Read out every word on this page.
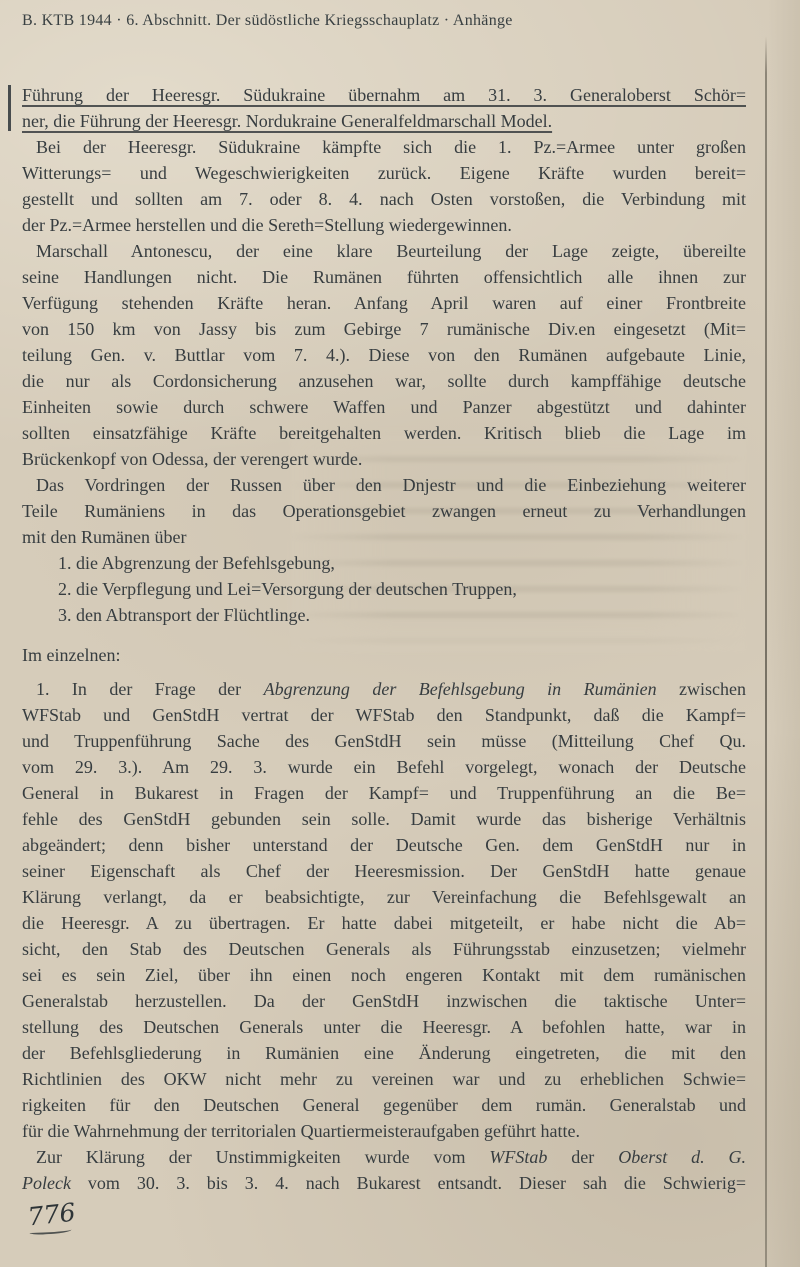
B. KTB 1944 · 6. Abschnitt. Der südöstliche Kriegsschauplatz · Anhänge
Führung der Heeresgr. Südukraine übernahm am 31. 3. Generaloberst Schör=
ner, die Führung der Heeresgr. Nordukraine Generalfeldmarschall Model.
Bei der Heeresgr. Südukraine kämpfte sich die 1. Pz.=Armee unter großen
Witterungs= und Wegeschwierigkeiten zurück. Eigene Kräfte wurden bereit=
gestellt und sollten am 7. oder 8. 4. nach Osten vorstoßen, die Verbindung mit
der Pz.=Armee herstellen und die Sereth=Stellung wiedergewinnen.
Marschall Antonescu, der eine klare Beurteilung der Lage zeigte, übereilte
seine Handlungen nicht. Die Rumänen führten offensichtlich alle ihnen zur
Verfügung stehenden Kräfte heran. Anfang April waren auf einer Frontbreite
von 150 km von Jassy bis zum Gebirge 7 rumänische Div.en eingesetzt (Mit=
teilung Gen. v. Buttlar vom 7. 4.). Diese von den Rumänen aufgebaute Linie,
die nur als Cordonsicherung anzusehen war, sollte durch kampffähige deutsche
Einheiten sowie durch schwere Waffen und Panzer abgestützt und dahinter
sollten einsatzfähige Kräfte bereitgehalten werden. Kritisch blieb die Lage im
Brückenkopf von Odessa, der verengert wurde.
Das Vordringen der Russen über den Dnjestr und die Einbeziehung weiterer
Teile Rumäniens in das Operationsgebiet zwangen erneut zu Verhandlungen
mit den Rumänen über
1. die Abgrenzung der Befehlsgebung,
2. die Verpflegung und Lei=Versorgung der deutschen Truppen,
3. den Abtransport der Flüchtlinge.
Im einzelnen:
1. In der Frage der Abgrenzung der Befehlsgebung in Rumänien zwischen
WFStab und GenStdH vertrat der WFStab den Standpunkt, daß die Kampf=
und Truppenführung Sache des GenStdH sein müsse (Mitteilung Chef Qu.
vom 29. 3.). Am 29. 3. wurde ein Befehl vorgelegt, wonach der Deutsche
General in Bukarest in Fragen der Kampf= und Truppenführung an die Be=
fehle des GenStdH gebunden sein solle. Damit wurde das bisherige Verhältnis
abgeändert; denn bisher unterstand der Deutsche Gen. dem GenStdH nur in
seiner Eigenschaft als Chef der Heeresmission. Der GenStdH hatte genaue
Klärung verlangt, da er beabsichtigte, zur Vereinfachung die Befehlsgewalt an
die Heeresgr. A zu übertragen. Er hatte dabei mitgeteilt, er habe nicht die Ab=
sicht, den Stab des Deutschen Generals als Führungsstab einzusetzen; vielmehr
sei es sein Ziel, über ihn einen noch engeren Kontakt mit dem rumänischen
Generalstab herzustellen. Da der GenStdH inzwischen die taktische Unter=
stellung des Deutschen Generals unter die Heeresgr. A befohlen hatte, war in
der Befehlsgliederung in Rumänien eine Änderung eingetreten, die mit den
Richtlinien des OKW nicht mehr zu vereinen war und zu erheblichen Schwie=
rigkeiten für den Deutschen General gegenüber dem rumän. Generalstab und
für die Wahrnehmung der territorialen Quartiermeisteraufgaben geführt hatte.
Zur Klärung der Unstimmigkeiten wurde vom WFStab der Oberst d. G.
Poleck vom 30. 3. bis 3. 4. nach Bukarest entsandt. Dieser sah die Schwierig=
776
